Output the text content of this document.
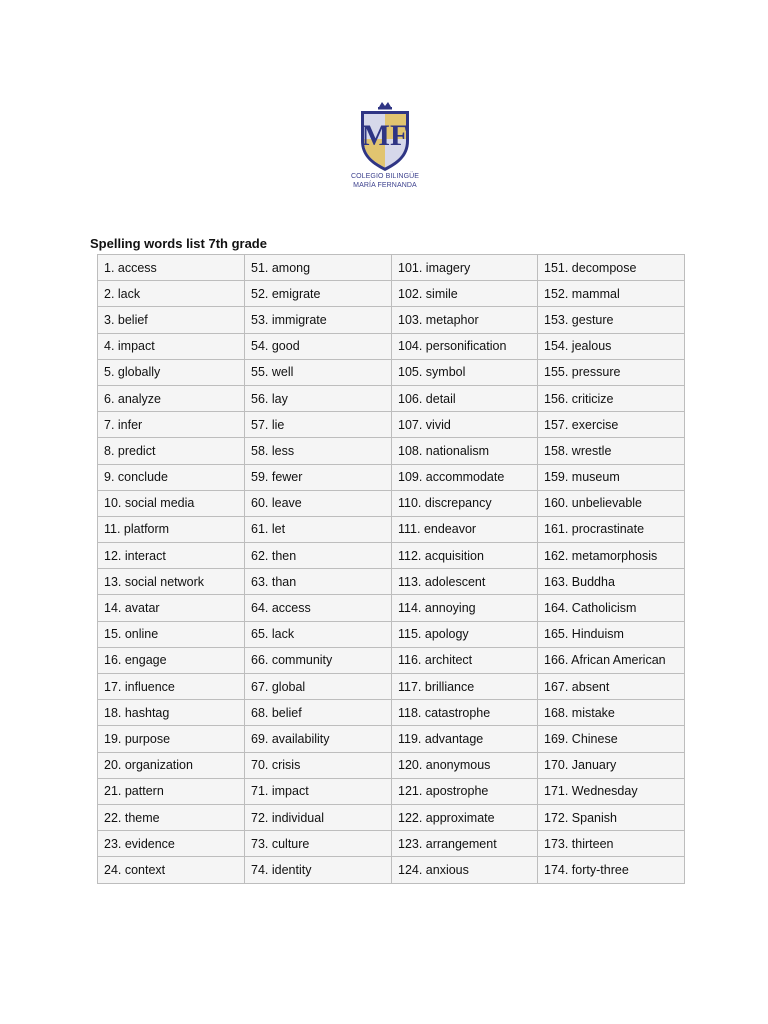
MF
COLEGIO BILINGÜE
MARÍA FERNANDA
Spelling words list 7th grade
1. access	51. among	101. imagery	151. decompose
2. lack	52. emigrate	102. simile	152. mammal
3. belief	53. immigrate	103. metaphor	153. gesture
4. impact	54. good	104. personification	154. jealous
5. globally	55. well	105. symbol	155. pressure
6. analyze	56. lay	106. detail	156. criticize
7. infer	57. lie	107. vivid	157. exercise
8. predict	58. less	108. nationalism	158. wrestle
9. conclude	59. fewer	109. accommodate	159. museum
10. social media	60. leave	110. discrepancy	160. unbelievable
11. platform	61. let	111. endeavor	161. procrastinate
12. interact	62. then	112. acquisition	162. metamorphosis
13. social network	63. than	113. adolescent	163. Buddha
14. avatar	64. access	114. annoying	164. Catholicism
15. online	65. lack	115. apology	165. Hinduism
16. engage	66. community	116. architect	166. African American
17. influence	67. global	117. brilliance	167. absent
18. hashtag	68. belief	118. catastrophe	168. mistake
19. purpose	69. availability	119. advantage	169. Chinese
20. organization	70. crisis	120. anonymous	170. January
21. pattern	71. impact	121. apostrophe	171. Wednesday
22. theme	72. individual	122. approximate	172. Spanish
23. evidence	73. culture	123. arrangement	173. thirteen
24. context	74. identity	124. anxious	174. forty-three
